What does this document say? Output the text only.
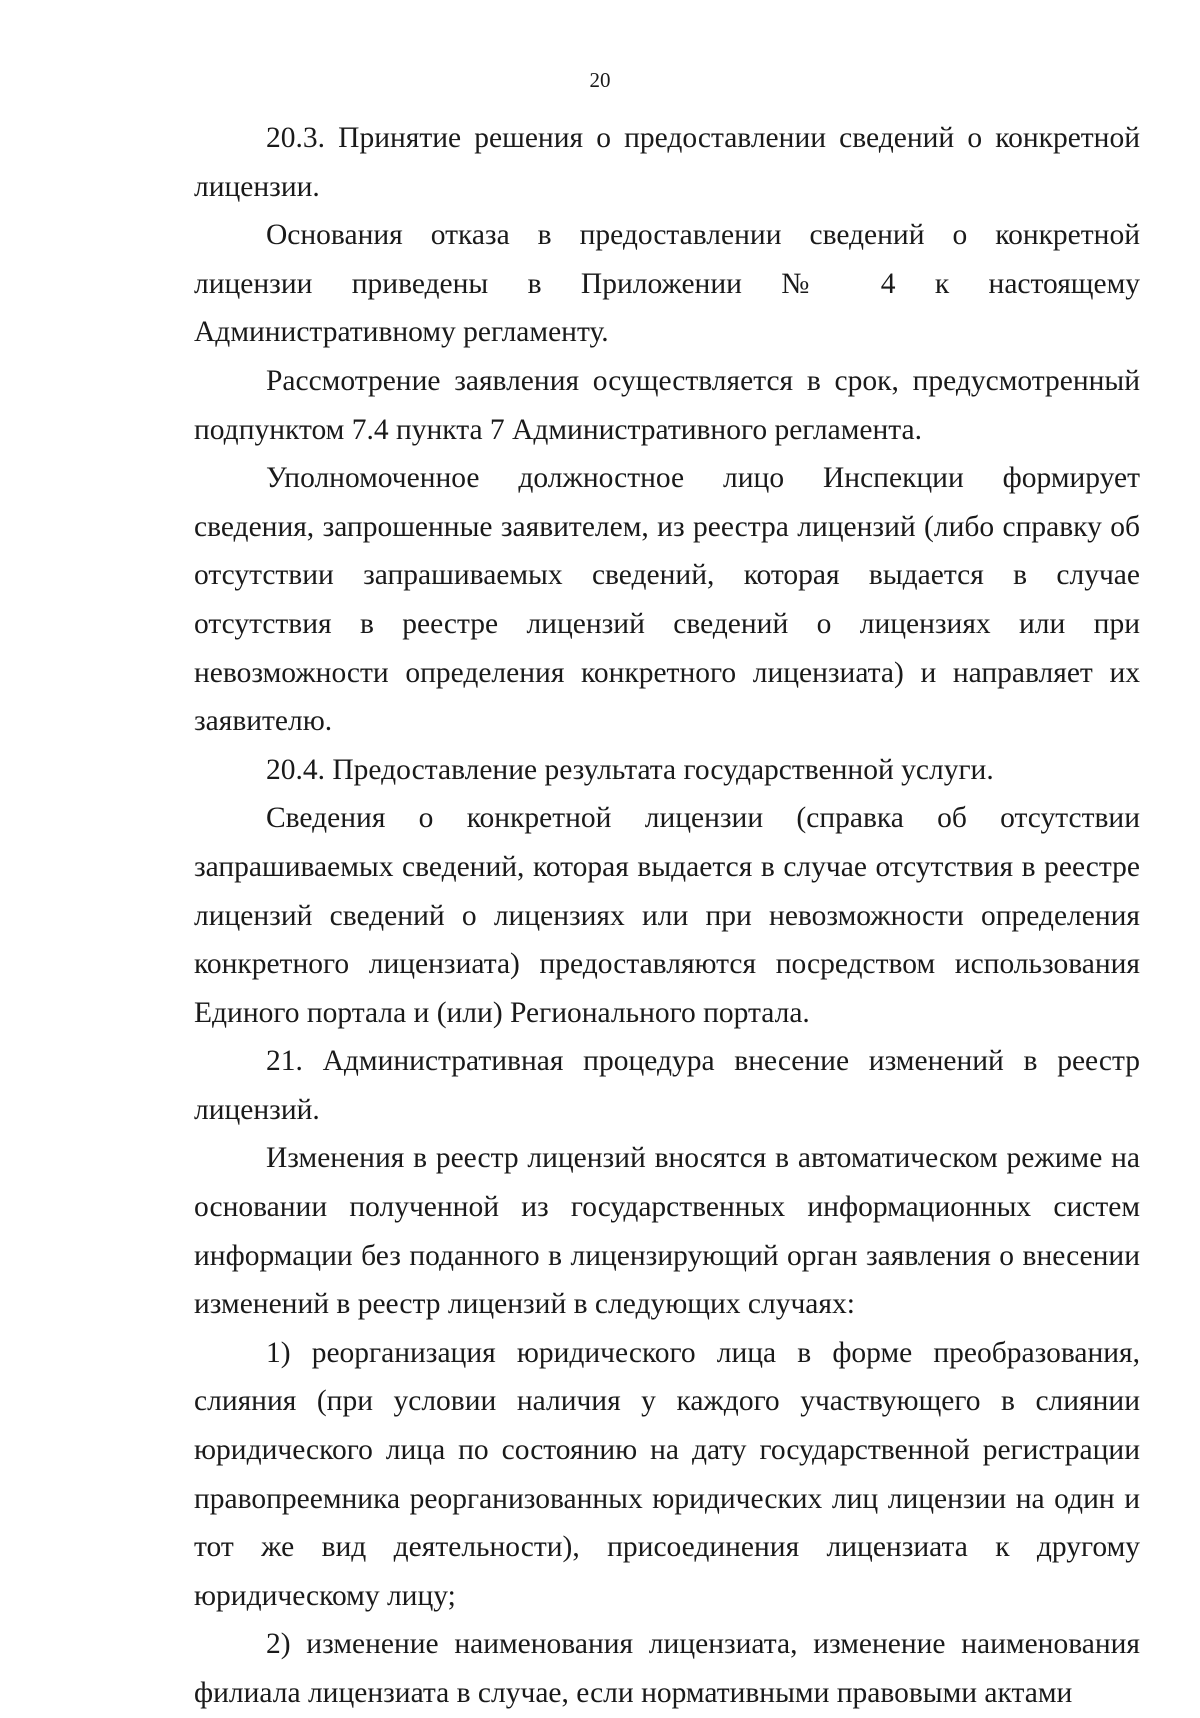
20

20.3. Принятие решения о предоставлении сведений о конкретной лицензии.

Основания отказа в предоставлении сведений о конкретной лицензии приведены в Приложении № 4 к настоящему Административному регламенту.

Рассмотрение заявления осуществляется в срок, предусмотренный подпунктом 7.4 пункта 7 Административного регламента.

Уполномоченное должностное лицо Инспекции формирует сведения, запрошенные заявителем, из реестра лицензий (либо справку об отсутствии запрашиваемых сведений, которая выдается в случае отсутствия в реестре лицензий сведений о лицензиях или при невозможности определения конкретного лицензиата) и направляет их заявителю.

20.4. Предоставление результата государственной услуги.

Сведения о конкретной лицензии (справка об отсутствии запрашиваемых сведений, которая выдается в случае отсутствия в реестре лицензий сведений о лицензиях или при невозможности определения конкретного лицензиата) предоставляются посредством использования Единого портала и (или) Регионального портала.

21. Административная процедура внесение изменений в реестр лицензий.

Изменения в реестр лицензий вносятся в автоматическом режиме на основании полученной из государственных информационных систем информации без поданного в лицензирующий орган заявления о внесении изменений в реестр лицензий в следующих случаях:

1) реорганизация юридического лица в форме преобразования, слияния (при условии наличия у каждого участвующего в слиянии юридического лица по состоянию на дату государственной регистрации правопреемника реорганизованных юридических лиц лицензии на один и тот же вид деятельности), присоединения лицензиата к другому юридическому лицу;

2) изменение наименования лицензиата, изменение наименования филиала лицензиата в случае, если нормативными правовыми актами
